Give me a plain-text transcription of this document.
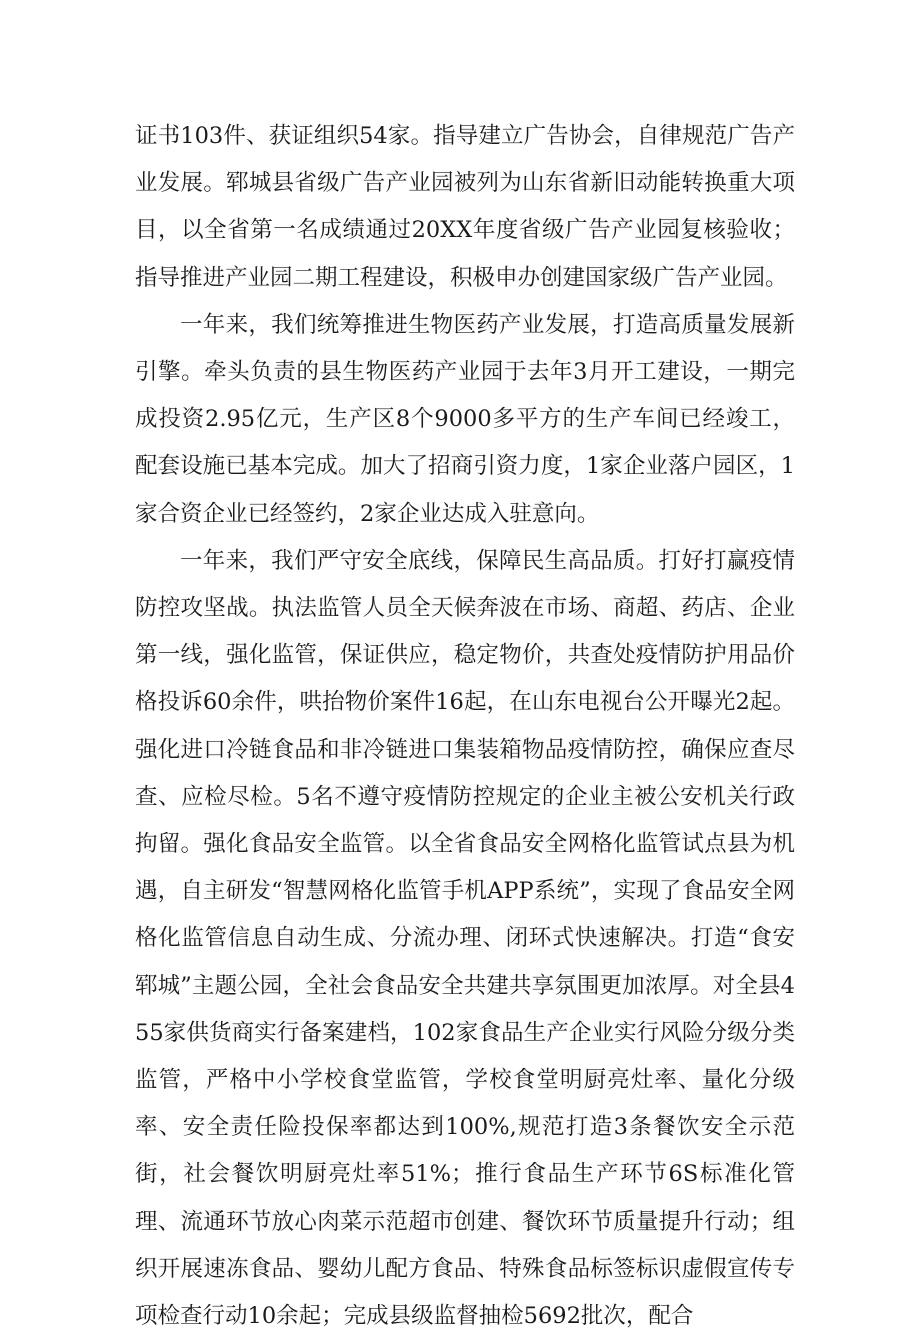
证书103件、获证组织54家。指导建立广告协会，自律规范广告产业发展。郓城县省级广告产业园被列为山东省新旧动能转换重大项目，以全省第一名成绩通过20XX年度省级广告产业园复核验收；指导推进产业园二期工程建设，积极申办创建国家级广告产业园。

一年来，我们统筹推进生物医药产业发展，打造高质量发展新引擎。牵头负责的县生物医药产业园于去年3月开工建设，一期完成投资2.95亿元，生产区8个9000多平方的生产车间已经竣工，配套设施已基本完成。加大了招商引资力度，1家企业落户园区，1家合资企业已经签约，2家企业达成入驻意向。

一年来，我们严守安全底线，保障民生高品质。打好打赢疫情防控攻坚战。执法监管人员全天候奔波在市场、商超、药店、企业第一线，强化监管，保证供应，稳定物价，共查处疫情防护用品价格投诉60余件，哄抬物价案件16起，在山东电视台公开曝光2起。强化进口冷链食品和非冷链进口集装箱物品疫情防控，确保应查尽查、应检尽检。5名不遵守疫情防控规定的企业主被公安机关行政拘留。强化食品安全监管。以全省食品安全网格化监管试点县为机遇，自主研发“智慧网格化监管手机APP系统”，实现了食品安全网格化监管信息自动生成、分流办理、闭环式快速解决。打造“食安郓城”主题公园，全社会食品安全共建共享氛围更加浓厚。对全县455家供货商实行备案建档，102家食品生产企业实行风险分级分类监管，严格中小学校食堂监管，学校食堂明厨亮灶率、量化分级率、安全责任险投保率都达到100%,规范打造3条餐饮安全示范街，社会餐饮明厨亮灶率51%；推行食品生产环节6S标准化管理、流通环节放心肉菜示范超市创建、餐饮环节质量提升行动；组织开展速冻食品、婴幼儿配方食品、特殊食品标签标识虚假宣传专项检查行动10余起；完成县级监督抽检5692批次，配合
